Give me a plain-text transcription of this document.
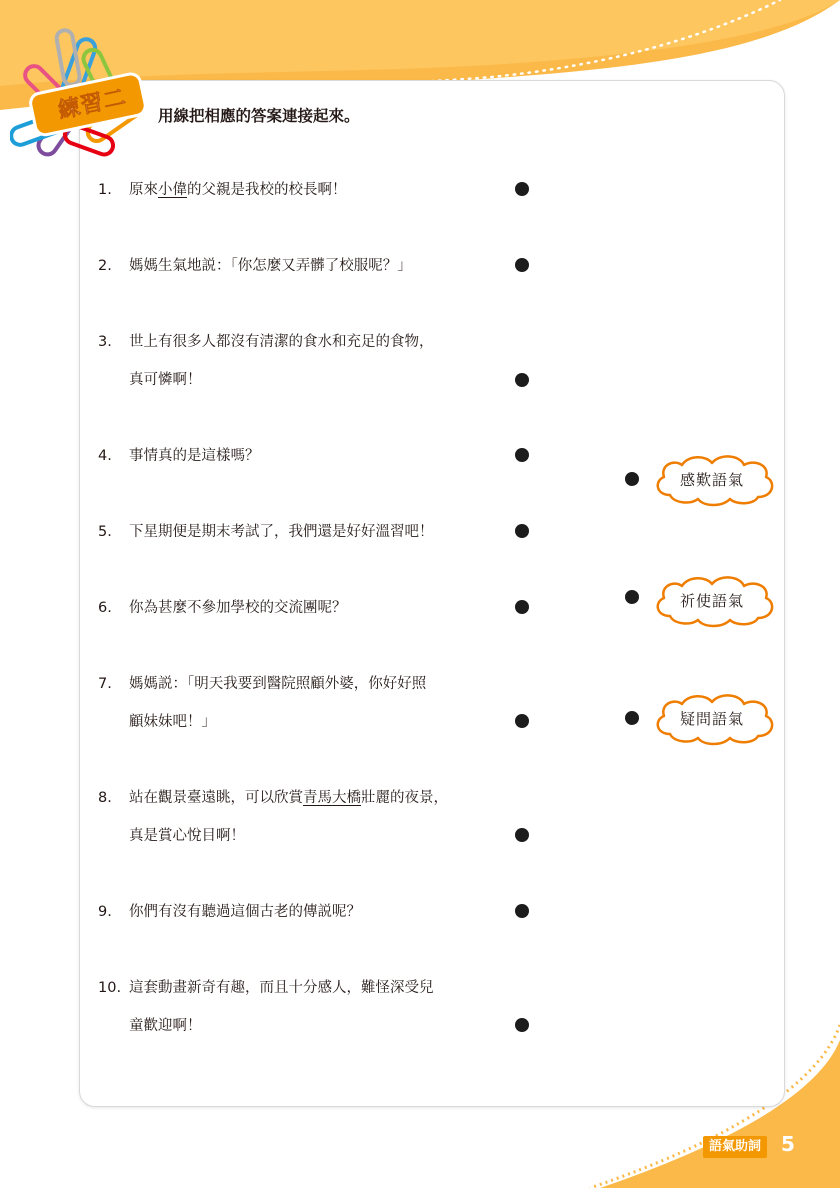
練習二	用線把相應的答案連接起來。
1. 原來小偉的父親是我校的校長啊！
2. 媽媽生氣地説：「你怎麼又弄髒了校服呢？」
3. 世上有很多人都沒有清潔的食水和充足的食物，
真可憐啊！
4. 事情真的是這樣嗎？
5. 下星期便是期末考試了，我們還是好好溫習吧！
6. 你為甚麼不參加學校的交流團呢？
7. 媽媽説：「明天我要到醫院照顧外婆，你好好照
顧妹妹吧！」
8. 站在觀景臺遠眺，可以欣賞青馬大橋壯麗的夜景，
真是賞心悅目啊！
9. 你們有沒有聽過這個古老的傳説呢？
10. 這套動畫新奇有趣，而且十分感人，難怪深受兒
童歡迎啊！
感歎語氣
祈使語氣
疑問語氣
語氣助詞 5
